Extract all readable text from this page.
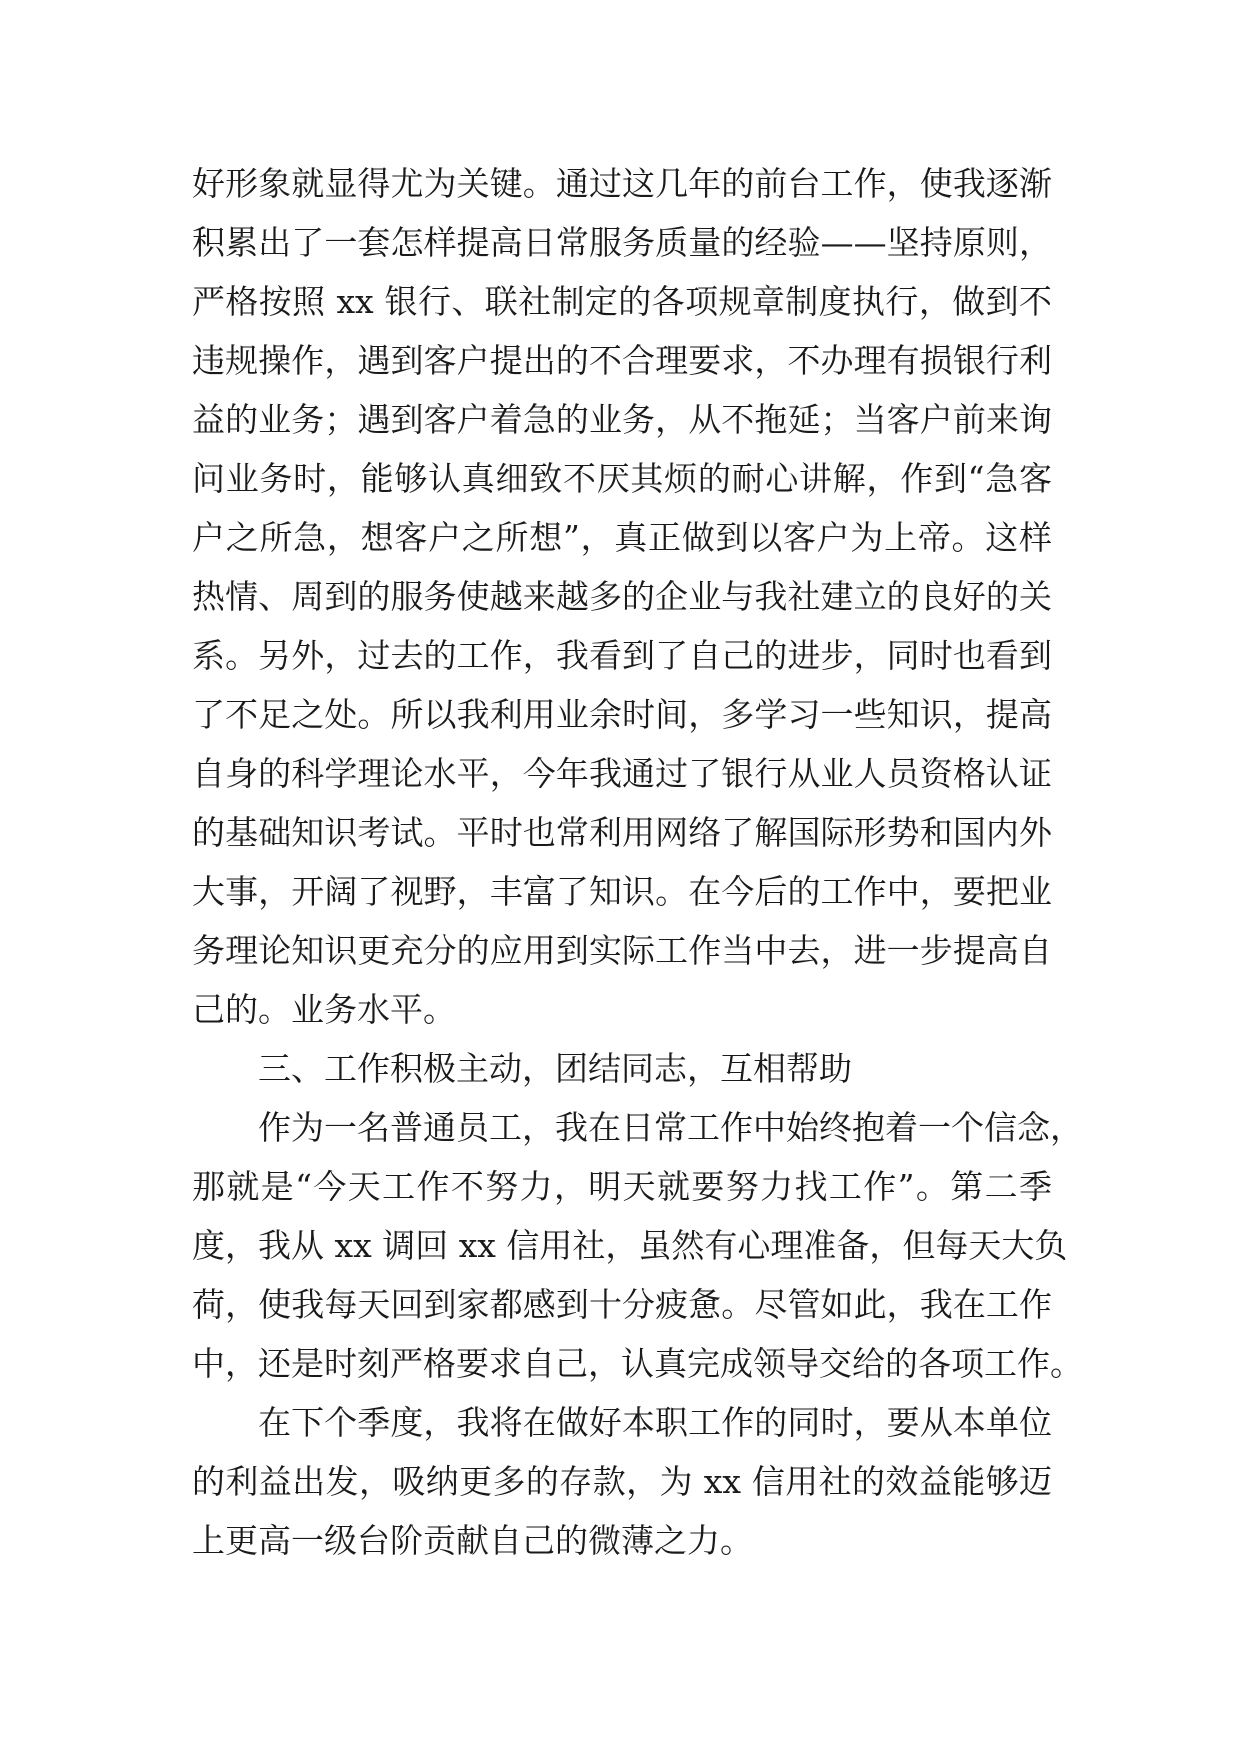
好形象就显得尤为关键。通过这几年的前台工作，使我逐渐
积累出了一套怎样提高日常服务质量的经验——坚持原则，
严格按照 xx 银行、联社制定的各项规章制度执行，做到不
违规操作，遇到客户提出的不合理要求，不办理有损银行利
益的业务；遇到客户着急的业务，从不拖延；当客户前来询
问业务时，能够认真细致不厌其烦的耐心讲解，作到“急客
户之所急，想客户之所想”，真正做到以客户为上帝。这样
热情、周到的服务使越来越多的企业与我社建立的良好的关
系。另外，过去的工作，我看到了自己的进步，同时也看到
了不足之处。所以我利用业余时间，多学习一些知识，提高
自身的科学理论水平，今年我通过了银行从业人员资格认证
的基础知识考试。平时也常利用网络了解国际形势和国内外
大事，开阔了视野，丰富了知识。在今后的工作中，要把业
务理论知识更充分的应用到实际工作当中去，进一步提高自
己的。业务水平。
三、工作积极主动，团结同志，互相帮助
作为一名普通员工，我在日常工作中始终抱着一个信念，
那就是“今天工作不努力，明天就要努力找工作”。第二季
度，我从 xx 调回 xx 信用社，虽然有心理准备，但每天大负
荷，使我每天回到家都感到十分疲惫。尽管如此，我在工作
中，还是时刻严格要求自己，认真完成领导交给的各项工作。
在下个季度，我将在做好本职工作的同时，要从本单位
的利益出发，吸纳更多的存款，为 xx 信用社的效益能够迈
上更高一级台阶贡献自己的微薄之力。
